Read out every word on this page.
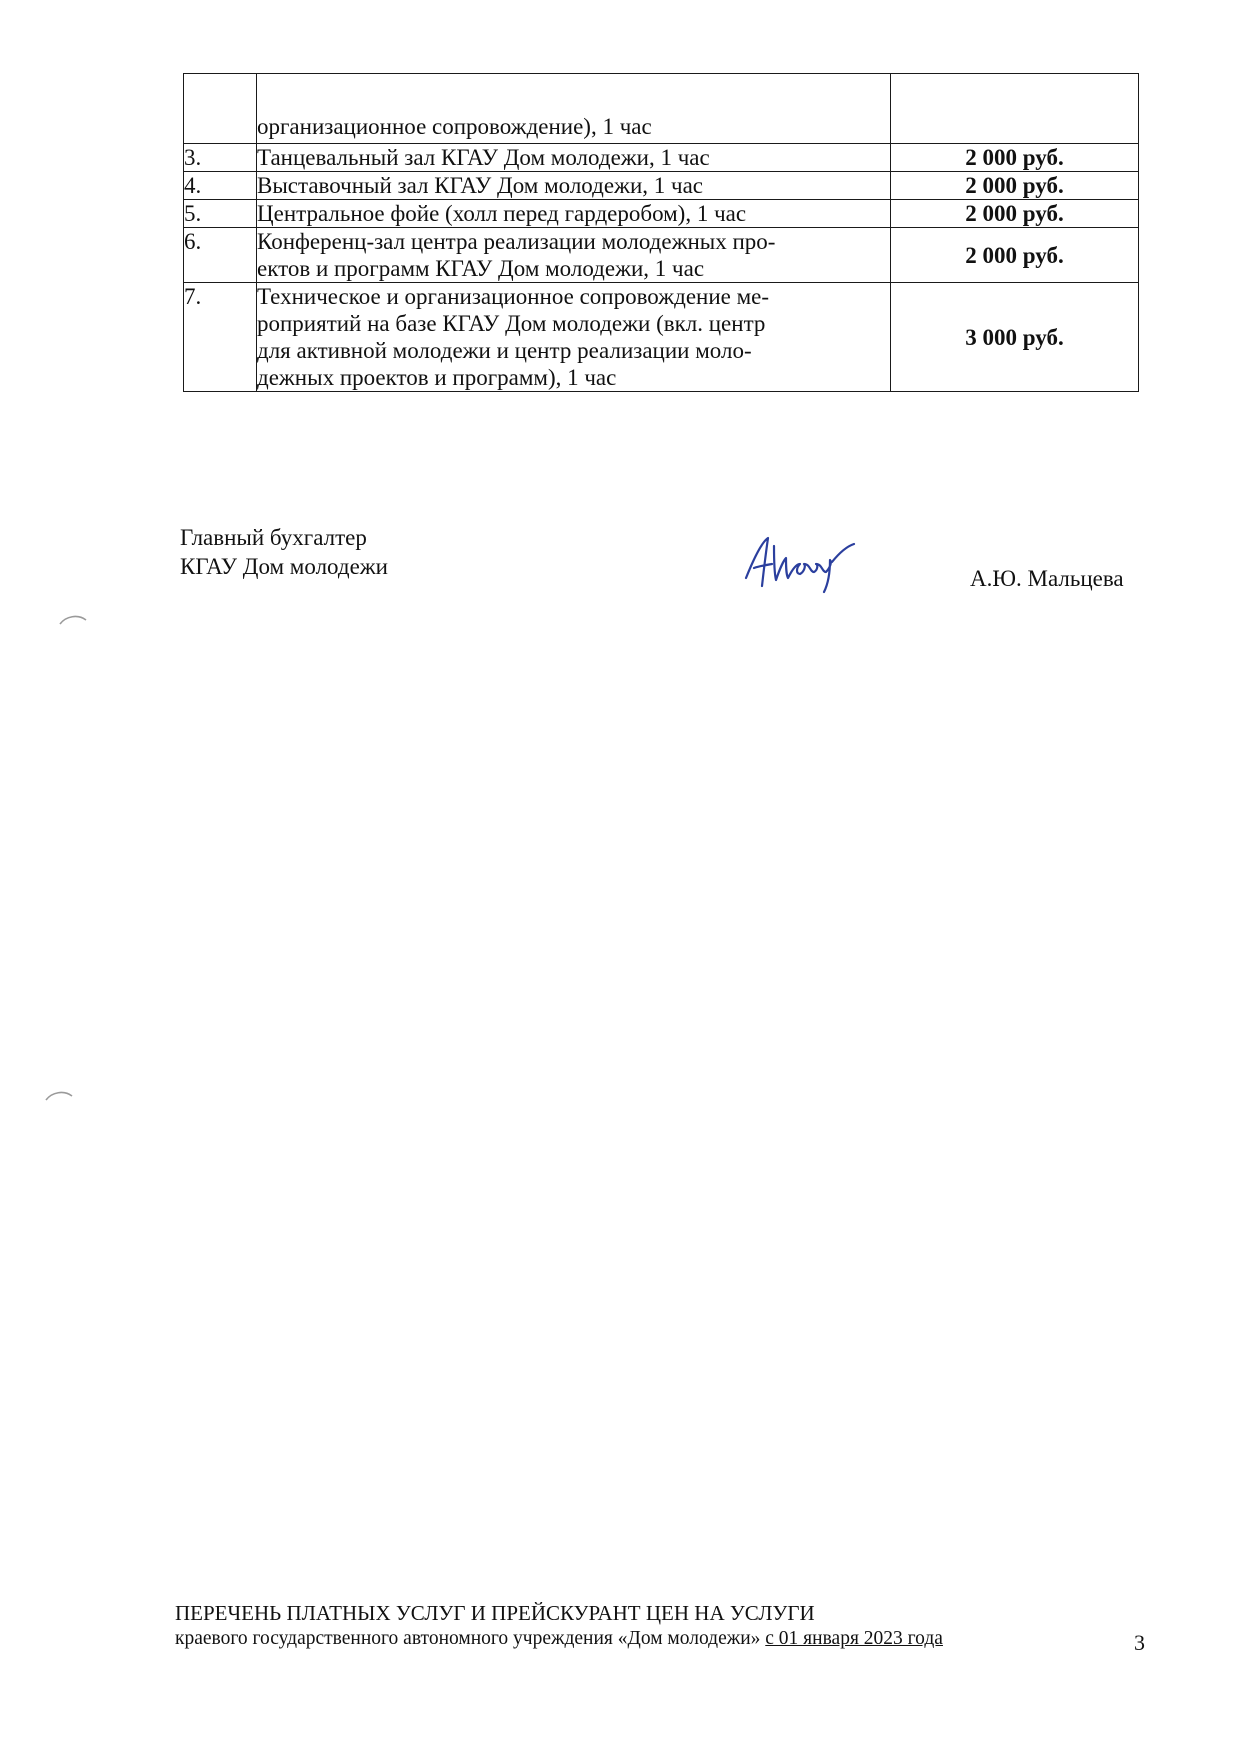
	организационное сопровождение), 1 час	

3.	Танцевальный зал КГАУ Дом молодежи, 1 час	2 000 руб.
4.	Выставочный зал КГАУ Дом молодежи, 1 час	2 000 руб.
5.	Центральное фойе (холл перед гардеробом), 1 час	2 000 руб.
6.	Конференц-зал центра реализации молодежных про-
ектов и программ КГАУ Дом молодежи, 1 час	2 000 руб.
7.	Техническое и организационное сопровождение ме-
роприятий на базе КГАУ Дом молодежи (вкл. центр
для активной молодежи и центр реализации моло-
дежных проектов и программ), 1 час	3 000 руб.
Главный бухгалтер
КГАУ Дом молодежи	А.Ю. Мальцева
ПЕРЕЧЕНЬ ПЛАТНЫХ УСЛУГ И ПРЕЙСКУРАНТ ЦЕН НА УСЛУГИ
краевого государственного автономного учреждения «Дом молодежи» с 01 января 2023 года	3
